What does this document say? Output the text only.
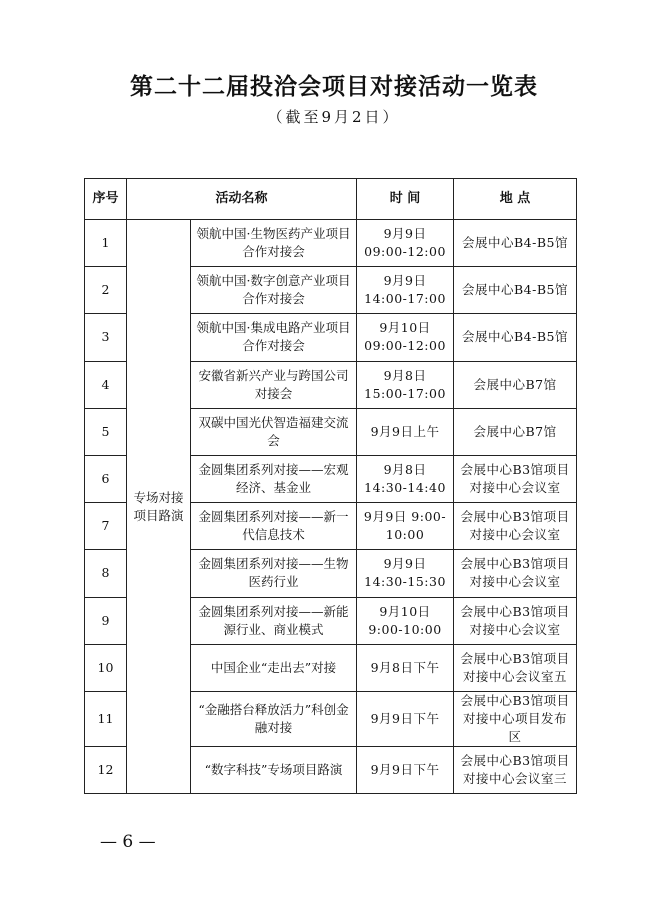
第二十二届投洽会项目对接活动一览表
（截至9月2日）
序号	活动名称		时 间	地 点
1	专场对接项目路演	领航中国·生物医药产业项目合作对接会	9月9日 09:00-12:00	会展中心B4-B5馆
2		领航中国·数字创意产业项目合作对接会	9月9日 14:00-17:00	会展中心B4-B5馆
3		领航中国·集成电路产业项目合作对接会	9月10日 09:00-12:00	会展中心B4-B5馆
4		安徽省新兴产业与跨国公司对接会	9月8日 15:00-17:00	会展中心B7馆
5		双碳中国光伏智造福建交流会	9月9日上午	会展中心B7馆
6		金圆集团系列对接——宏观经济、基金业	9月8日 14:30-14:40	会展中心B3馆项目对接中心会议室
7		金圆集团系列对接——新一代信息技术	9月9日 9:00-10:00	会展中心B3馆项目对接中心会议室
8		金圆集团系列对接——生物医药行业	9月9日 14:30-15:30	会展中心B3馆项目对接中心会议室
9		金圆集团系列对接——新能源行业、商业模式	9月10日 9:00-10:00	会展中心B3馆项目对接中心会议室
10		中国企业“走出去”对接	9月8日下午	会展中心B3馆项目对接中心会议室五
11		“金融搭台释放活力”科创金融对接	9月9日下午	会展中心B3馆项目对接中心项目发布区
12		“数字科技”专场项目路演	9月9日下午	会展中心B3馆项目对接中心会议室三
— 6 —
